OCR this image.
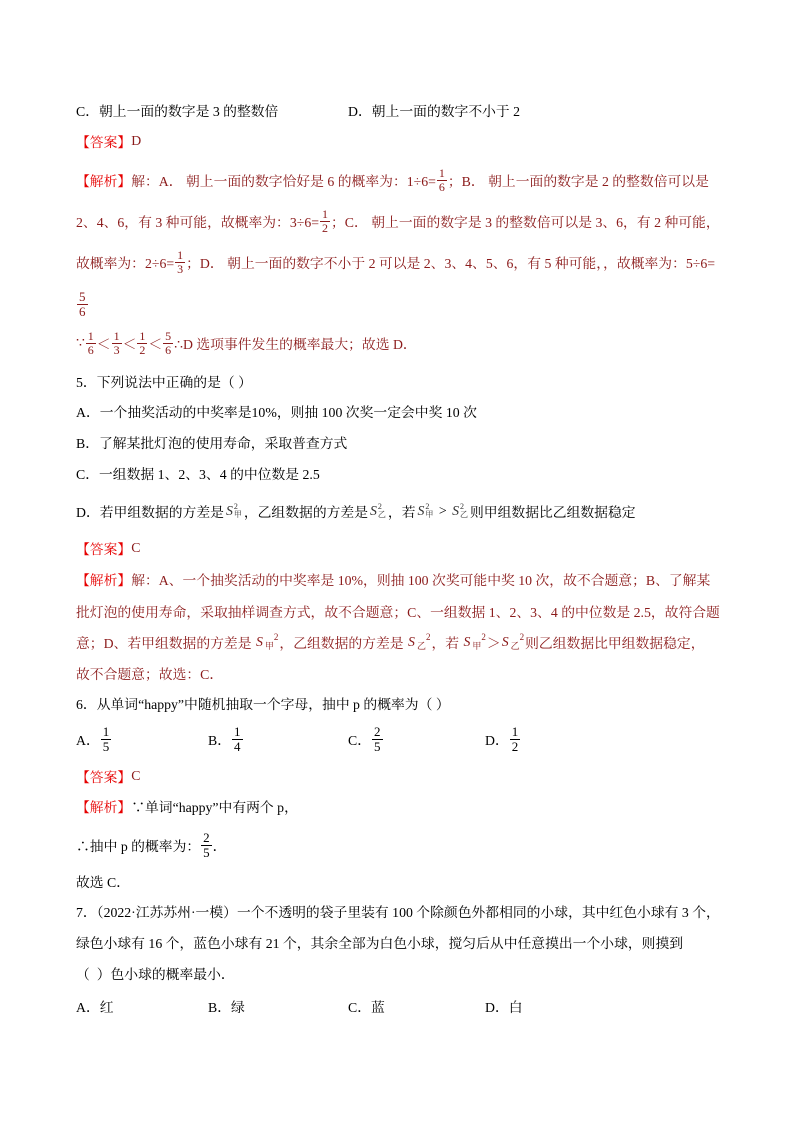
C．朝上一面的数字是 3 的整数倍	D．朝上一面的数字不小于 2
【答案】 D
【解析】 解：A． 朝上一面的数字恰好是 6 的概率为：$1\div 6= \frac{1}{6}$ ；B． 朝上一面的数字是 2 的整数倍可以是
2、4、6，有 3 种可能，故概率为：$3\div 6= \frac{1}{2}$ ；C． 朝上一面的数字是 3 的整数倍可以是 3、6，有 2 种可能，
故概率为：$2\div 6= \frac{1}{3}$ ；D． 朝上一面的数字不小于 2 可以是 2、3、4、5、6，有 5 种可能，，故概率为：5÷6=
$\frac{5}{6}$
∵ $\frac{1}{6} < \frac{1}{3} < \frac{1}{2} < \frac{5}{6}$ ∴D 选项事件发生的概率最大；故选 D．
5．下列说法中正确的是（ ）
A．一个抽奖活动的中奖率是10%，则抽 100 次奖一定会中奖 10 次
B．了解某批灯泡的使用寿命，采取普查方式
C．一组数据 1、2、3、4 的中位数是 2.5
D．若甲组数据的方差是 S 2
甲 ，乙组数据的方差是 S 2
乙 ，若 S 2
甲 > S 2
乙 则甲组数据比乙组数据稳定
【答案】 C
【解析】 解：A、一个抽奖活动的中奖率是 10%，则抽 100 次奖可能中奖 10 次，故不合题意；B、了解某
批灯泡的使用寿命，采取抽样调查方式，故不合题意；C、一组数据 1、2、3、4 的中位数是 2.5，故符合题
意；D、若甲组数据的方差是 S 甲
2 ，乙组数据的方差是 S 乙
2 ，若 S 甲
2 ＞ S 乙
2 则乙组数据比甲组数据稳定，
故不合题意；故选：C．
6．从单词“happy”中随机抽取一个字母，抽中 p 的概率为（ ）
A． $\frac{1}{5}$	B． $\frac{1}{4}$	C． $\frac{2}{5}$	D． $\frac{1}{2}$
【答案】 C
【解析】 ∵单词“happy”中有两个 p，
∴抽中 p 的概率为： $\frac{2}{5}$ ．
故选 C．
7．（2022·江苏苏州·一模）一个不透明的袋子里装有 100 个除颜色外都相同的小球，其中红色小球有 3 个，
绿色小球有 16 个，蓝色小球有 21 个，其余全部为白色小球，搅匀后从中任意摸出一个小球，则摸到
（  ）色小球的概率最小．
A．红	B．绿	C．蓝	D．白
